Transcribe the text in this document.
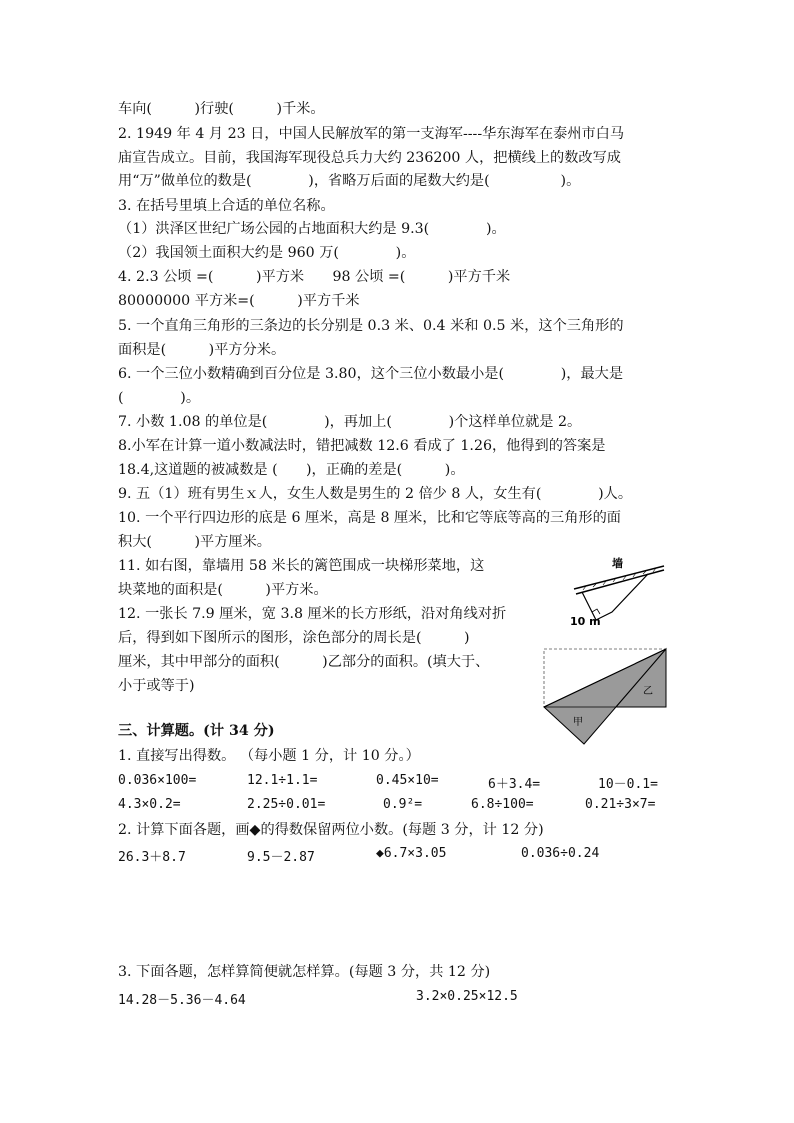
车向(　　　)行驶(　　　)千米。
2. 1949 年 4 月 23 日，中国人民解放军的第一支海军----华东海军在泰州市白马
庙宣告成立。目前，我国海军现役总兵力大约 236200 人，把横线上的数改写成
用“万”做单位的数是(　　　　)，省略万后面的尾数大约是(　　　　　)。
3. 在括号里填上合适的单位名称。
（1）洪泽区世纪广场公园的占地面积大约是 9.3(　　　　)。
（2）我国领土面积大约是 960 万(　　　　)。
4. 2.3 公顷 =(　　　)平方米　　98 公顷 =(　　　)平方千米
80000000 平方米=(　　　)平方千米
5. 一个直角三角形的三条边的长分别是 0.3 米、0.4 米和 0.5 米，这个三角形的
面积是(　　　)平方分米。
6. 一个三位小数精确到百分位是 3.80，这个三位小数最小是(　　　　)，最大是
(　　　　)。
7. 小数 1.08 的单位是(　　　　)，再加上(　　　　)个这样单位就是 2。
8.小军在计算一道小数减法时，错把减数 12.6 看成了 1.26，他得到的答案是
18.4,这道题的被减数是 (　　)，正确的差是(　　　)。
9. 五（1）班有男生ｘ人，女生人数是男生的 2 倍少 8 人，女生有(　　　　)人。
10. 一个平行四边形的底是 6 厘米，高是 8 厘米，比和它等底等高的三角形的面
积大(　　　)平方厘米。
11. 如右图，靠墙用 58 米长的篱笆围成一块梯形菜地，这
块菜地的面积是(　　　)平方米。
12. 一张长 7.9 厘米，宽 3.8 厘米的长方形纸，沿对角线对折
后，得到如下图所示的图形，涂色部分的周长是(　　　)
厘米，其中甲部分的面积(　　　)乙部分的面积。(填大于、
小于或等于)
墙
10 m
甲
乙
三、计算题。(计 34 分)
1. 直接写出得数。 （每小题 1 分，计 10 分。）
0.036×100=	12.1÷1.1=	0.45×10=	6＋3.4=	10－0.1=
4.3×0.2=	2.25÷0.01=	0.9²=	6.8÷100=	0.21÷3×7=
2. 计算下面各题，画◆的得数保留两位小数。(每题 3 分，计 12 分)
26.3＋8.7	9.5－2.87	◆6.7×3.05	0.036÷0.24
3. 下面各题，怎样算简便就怎样算。(每题 3 分，共 12 分)
14.28－5.36－4.64	3.2×0.25×12.5
